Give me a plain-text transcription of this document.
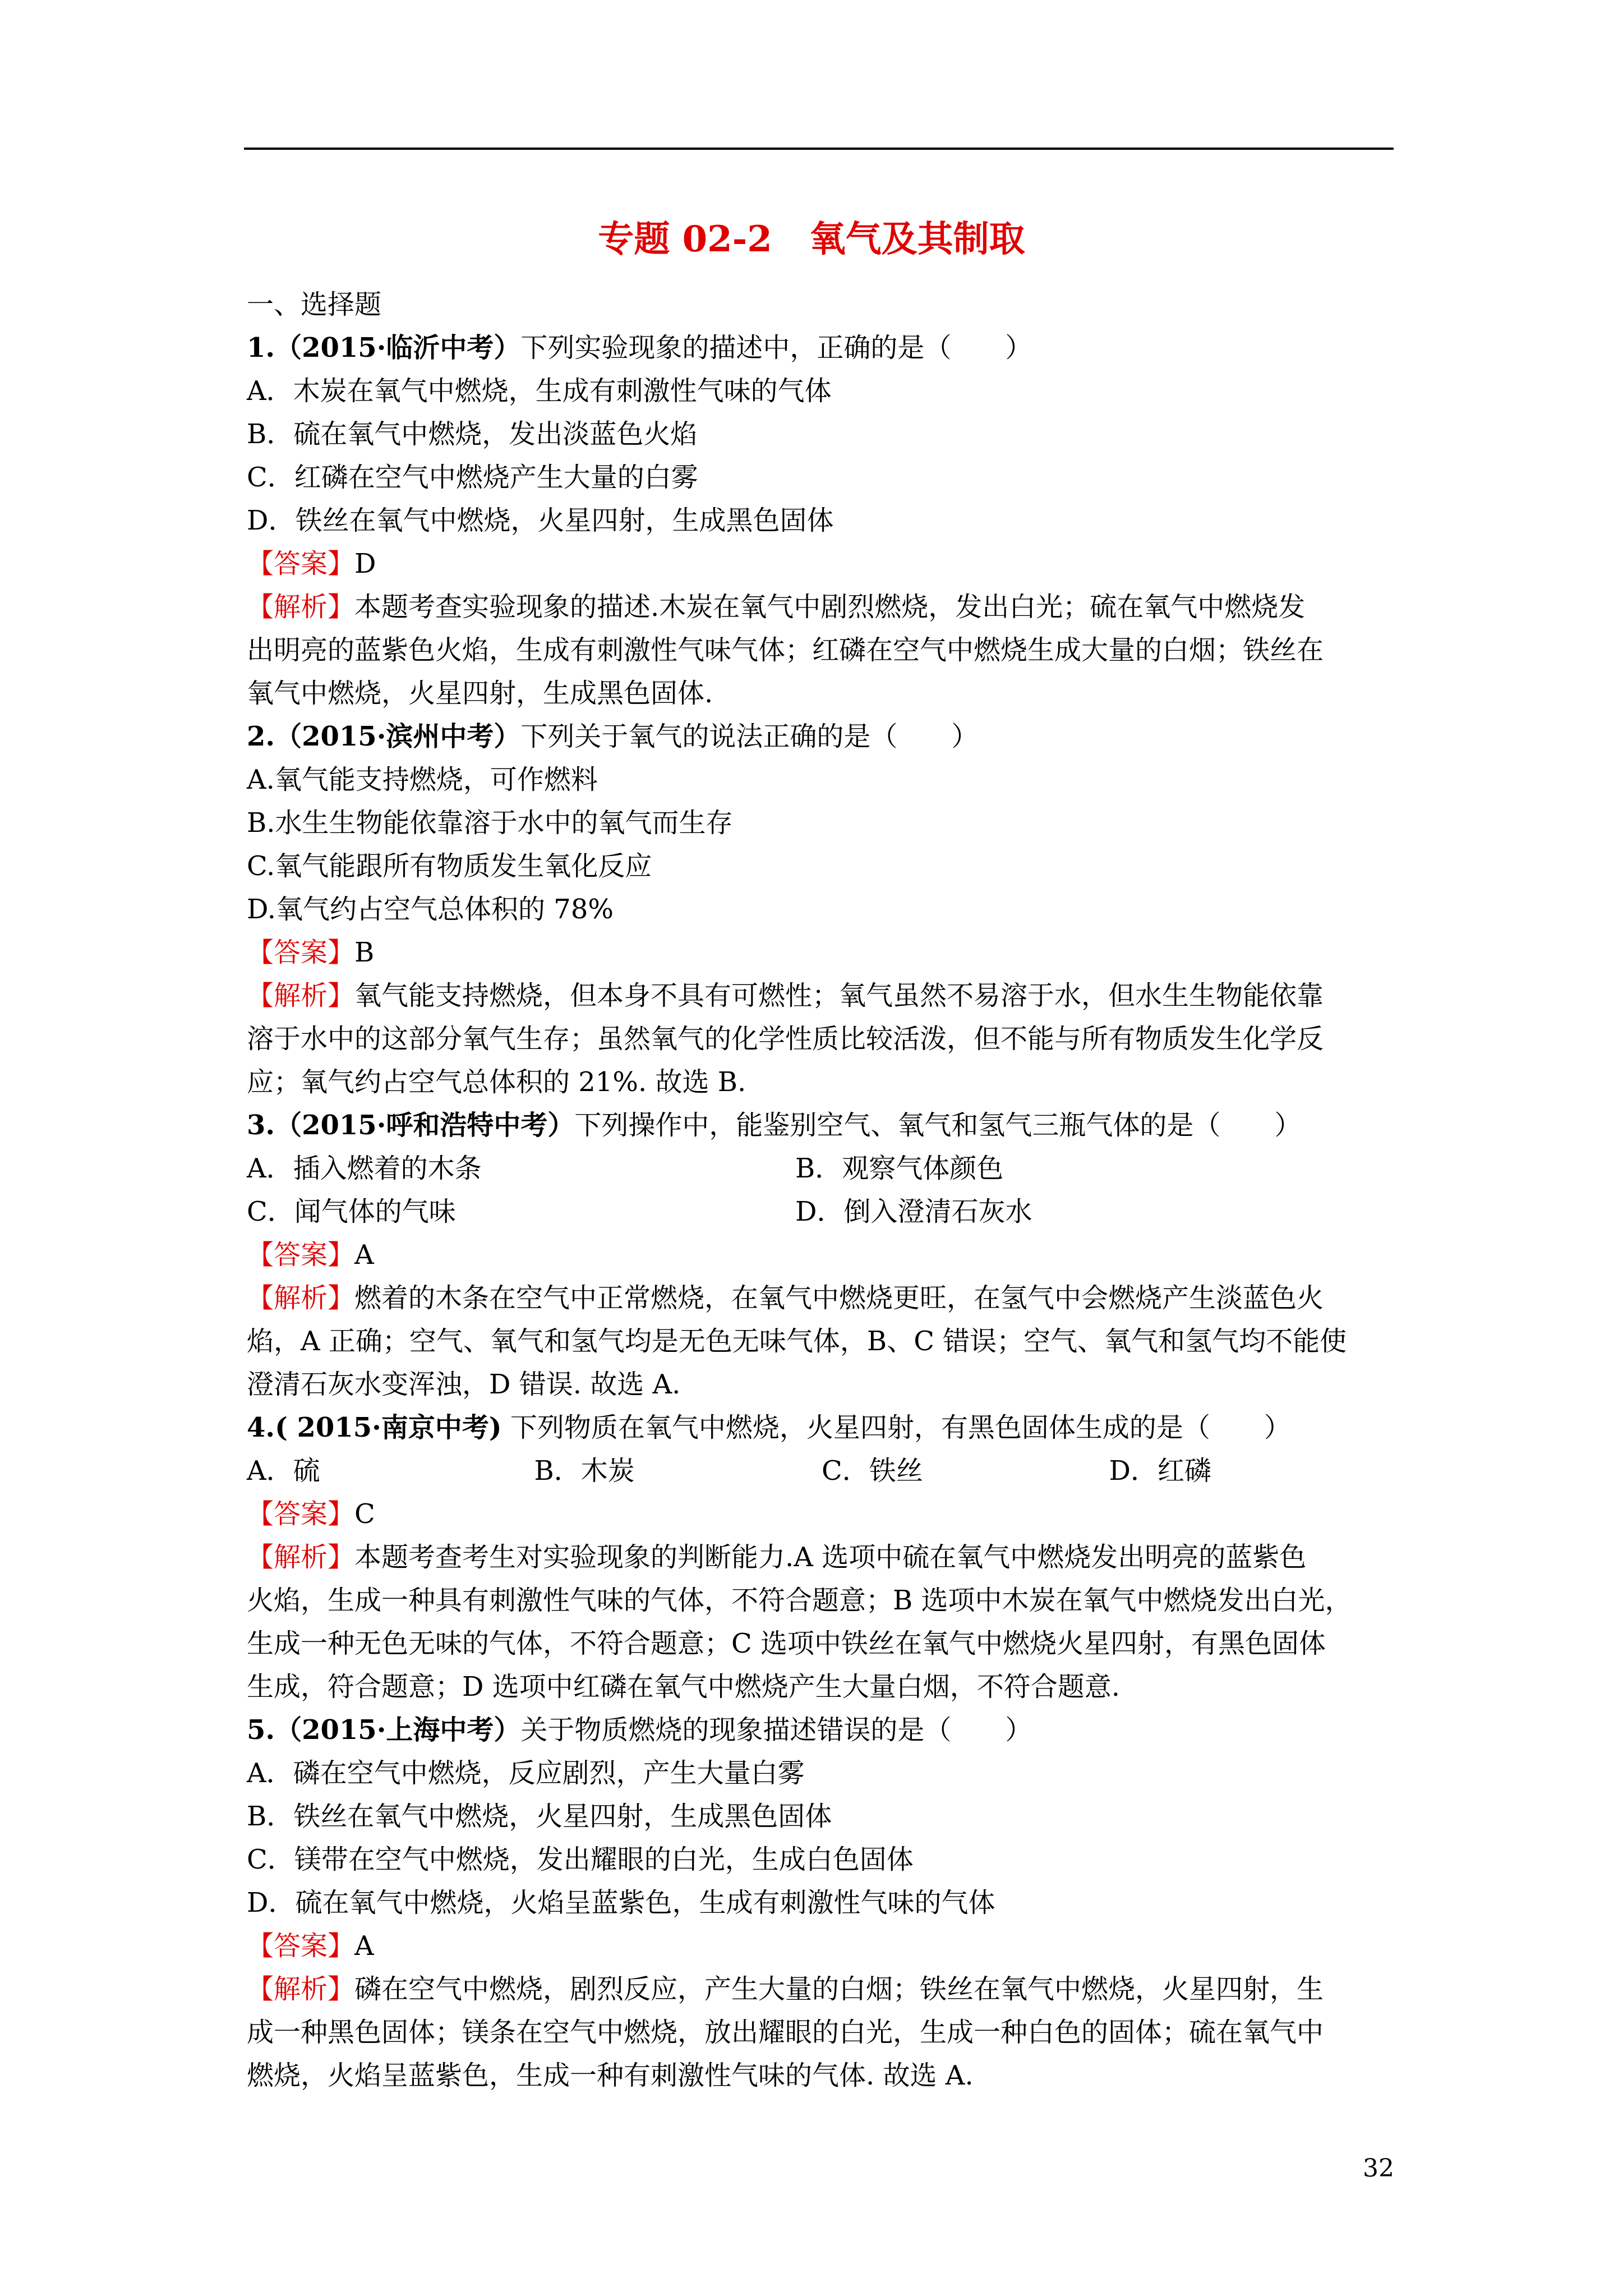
专题 02-2   氧气及其制取
一、选择题
1.（2015·临沂中考）下列实验现象的描述中，正确的是（　　）
A．木炭在氧气中燃烧，生成有刺激性气味的气体
B．硫在氧气中燃烧，发出淡蓝色火焰
C．红磷在空气中燃烧产生大量的白雾
D．铁丝在氧气中燃烧，火星四射，生成黑色固体
【答案】D
【解析】本题考查实验现象的描述.木炭在氧气中剧烈燃烧，发出白光；硫在氧气中燃烧发
出明亮的蓝紫色火焰，生成有刺激性气味气体；红磷在空气中燃烧生成大量的白烟；铁丝在
氧气中燃烧，火星四射，生成黑色固体.
2.（2015·滨州中考）下列关于氧气的说法正确的是（　　）
A.氧气能支持燃烧，可作燃料
B.水生生物能依靠溶于水中的氧气而生存
C.氧气能跟所有物质发生氧化反应
D.氧气约占空气总体积的 78%
【答案】B
【解析】氧气能支持燃烧，但本身不具有可燃性；氧气虽然不易溶于水，但水生生物能依靠
溶于水中的这部分氧气生存；虽然氧气的化学性质比较活泼，但不能与所有物质发生化学反
应；氧气约占空气总体积的 21%. 故选 B.
3.（2015·呼和浩特中考）下列操作中，能鉴别空气、氧气和氢气三瓶气体的是（　　）
A．插入燃着的木条	B．观察气体颜色
C．闻气体的气味	D．倒入澄清石灰水
【答案】A
【解析】燃着的木条在空气中正常燃烧，在氧气中燃烧更旺，在氢气中会燃烧产生淡蓝色火
焰，A 正确；空气、氧气和氢气均是无色无味气体，B、C 错误；空气、氧气和氢气均不能使
澄清石灰水变浑浊，D 错误. 故选 A.
4.( 2015·南京中考) 下列物质在氧气中燃烧，火星四射，有黑色固体生成的是（　　）
A．硫	B．木炭	C．铁丝	D．红磷
【答案】C
【解析】本题考查考生对实验现象的判断能力.A 选项中硫在氧气中燃烧发出明亮的蓝紫色
火焰，生成一种具有刺激性气味的气体，不符合题意；B 选项中木炭在氧气中燃烧发出白光，
生成一种无色无味的气体，不符合题意；C 选项中铁丝在氧气中燃烧火星四射，有黑色固体
生成，符合题意；D 选项中红磷在氧气中燃烧产生大量白烟，不符合题意.
5.（2015·上海中考）关于物质燃烧的现象描述错误的是（　　）
A．磷在空气中燃烧，反应剧烈，产生大量白雾
B．铁丝在氧气中燃烧，火星四射，生成黑色固体
C．镁带在空气中燃烧，发出耀眼的白光，生成白色固体
D．硫在氧气中燃烧，火焰呈蓝紫色，生成有刺激性气味的气体
【答案】A
【解析】磷在空气中燃烧，剧烈反应，产生大量的白烟；铁丝在氧气中燃烧，火星四射，生
成一种黑色固体；镁条在空气中燃烧，放出耀眼的白光，生成一种白色的固体；硫在氧气中
燃烧，火焰呈蓝紫色，生成一种有刺激性气味的气体. 故选 A.
32
